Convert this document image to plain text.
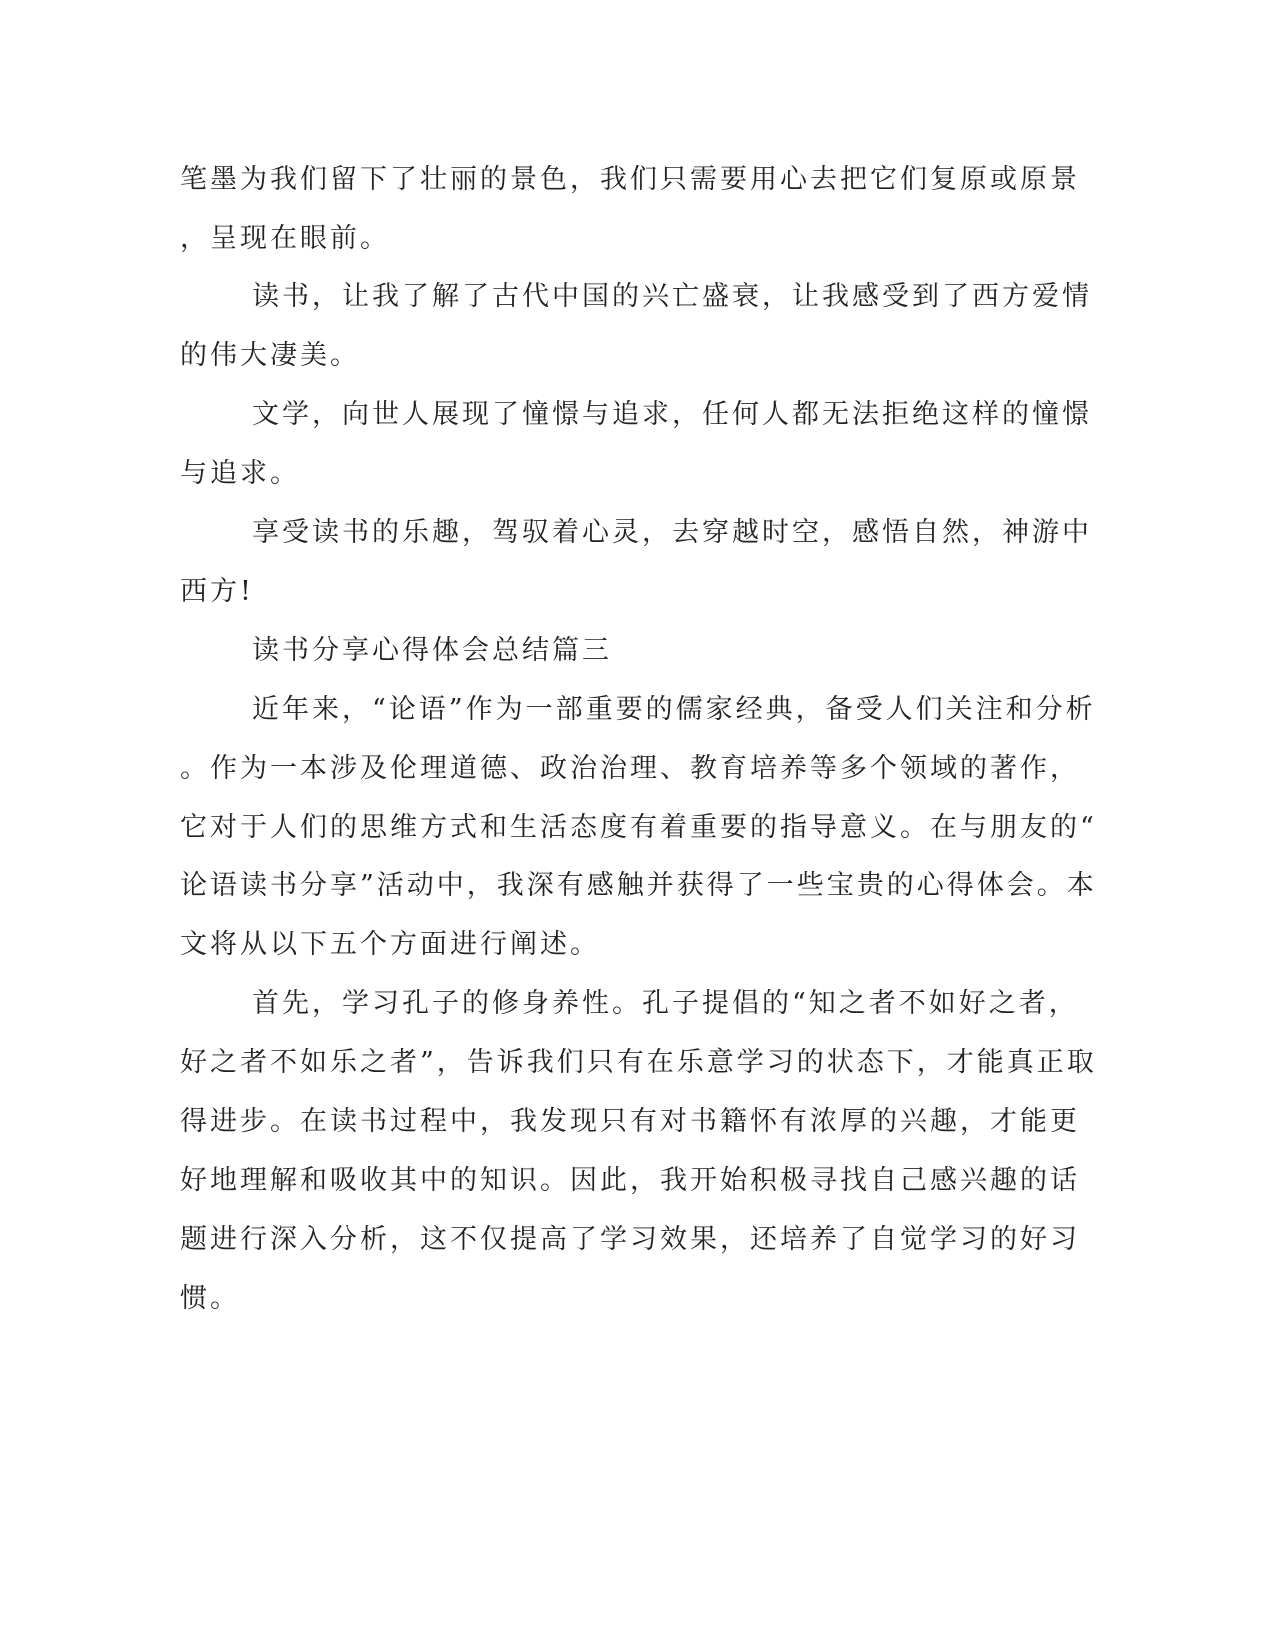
笔墨为我们留下了壮丽的景色，我们只需要用心去把它们复原或原景

，呈现在眼前。

读书，让我了解了古代中国的兴亡盛衰，让我感受到了西方爱情

的伟大凄美。

文学，向世人展现了憧憬与追求，任何人都无法拒绝这样的憧憬

与追求。

享受读书的乐趣，驾驭着心灵，去穿越时空，感悟自然，神游中

西方!

读书分享心得体会总结篇三

近年来，“论语”作为一部重要的儒家经典，备受人们关注和分析

。作为一本涉及伦理道德、政治治理、教育培养等多个领域的著作，

它对于人们的思维方式和生活态度有着重要的指导意义。在与朋友的“

论语读书分享”活动中，我深有感触并获得了一些宝贵的心得体会。本

文将从以下五个方面进行阐述。

首先，学习孔子的修身养性。孔子提倡的“知之者不如好之者，

好之者不如乐之者”，告诉我们只有在乐意学习的状态下，才能真正取

得进步。在读书过程中，我发现只有对书籍怀有浓厚的兴趣，才能更

好地理解和吸收其中的知识。因此，我开始积极寻找自己感兴趣的话

题进行深入分析，这不仅提高了学习效果，还培养了自觉学习的好习

惯。
